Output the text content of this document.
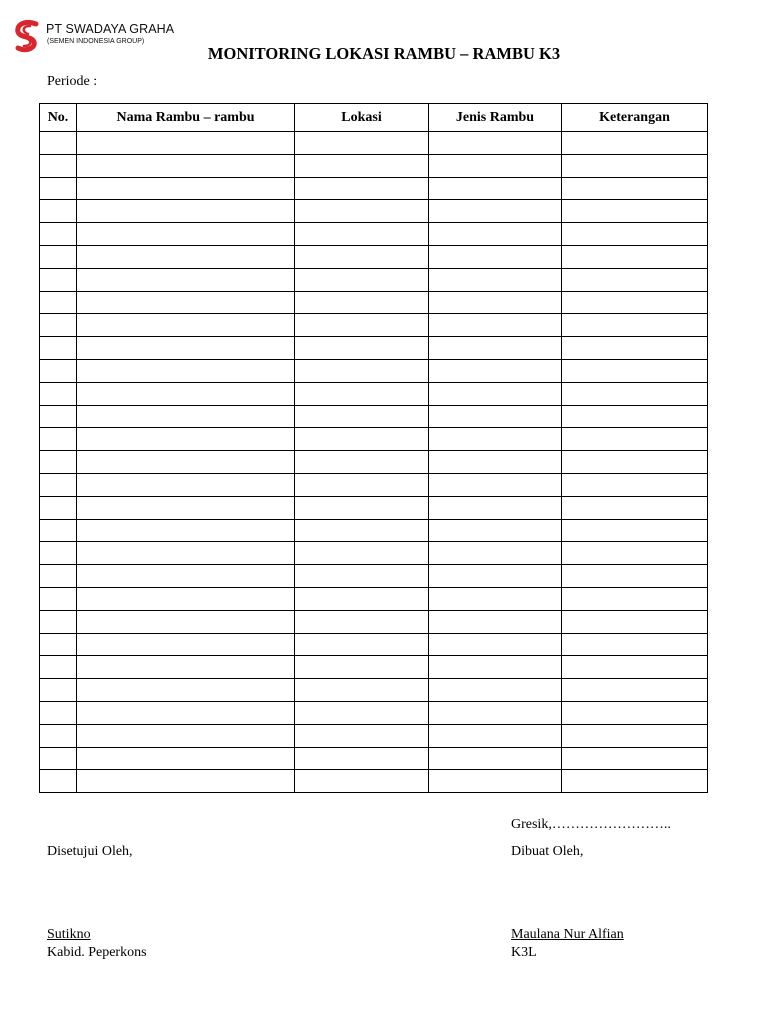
PT SWADAYA GRAHA
(SEMEN INDONESIA GROUP)
MONITORING LOKASI RAMBU – RAMBU K3
Periode :
No.	Nama Rambu – rambu	Lokasi	Jenis Rambu	Keterangan

Gresik,……………………..
Disetujui Oleh,	Dibuat Oleh,
Sutikno
Kabid. Peperkons
Maulana Nur Alfian
K3L
